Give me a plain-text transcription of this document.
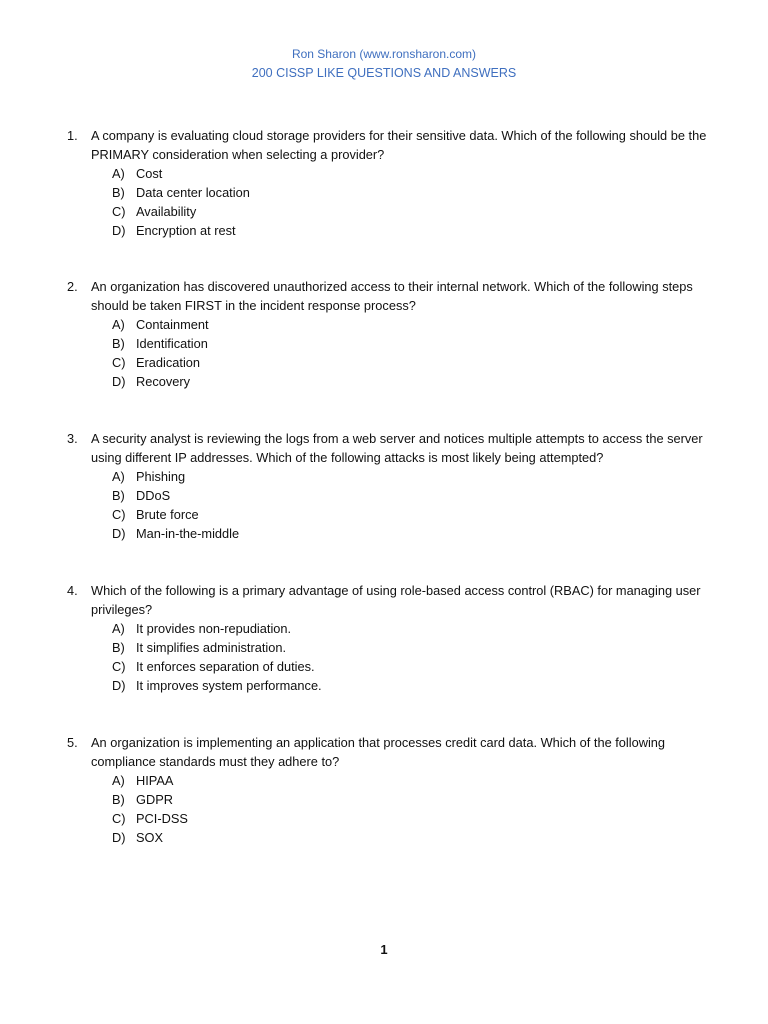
Ron Sharon (www.ronsharon.com)
200 CISSP LIKE QUESTIONS AND ANSWERS
1.	A company is evaluating cloud storage providers for their sensitive data. Which of the following should be the PRIMARY consideration when selecting a provider?
A) Cost
B) Data center location
C) Availability
D) Encryption at rest
2.	An organization has discovered unauthorized access to their internal network. Which of the following steps should be taken FIRST in the incident response process?
A) Containment
B) Identification
C) Eradication
D) Recovery
3.	A security analyst is reviewing the logs from a web server and notices multiple attempts to access the server using different IP addresses. Which of the following attacks is most likely being attempted?
A) Phishing
B) DDoS
C) Brute force
D) Man-in-the-middle
4.	Which of the following is a primary advantage of using role-based access control (RBAC) for managing user privileges?
A) It provides non-repudiation.
B) It simplifies administration.
C) It enforces separation of duties.
D) It improves system performance.
5.	An organization is implementing an application that processes credit card data. Which of the following compliance standards must they adhere to?
A) HIPAA
B) GDPR
C) PCI-DSS
D) SOX
1
